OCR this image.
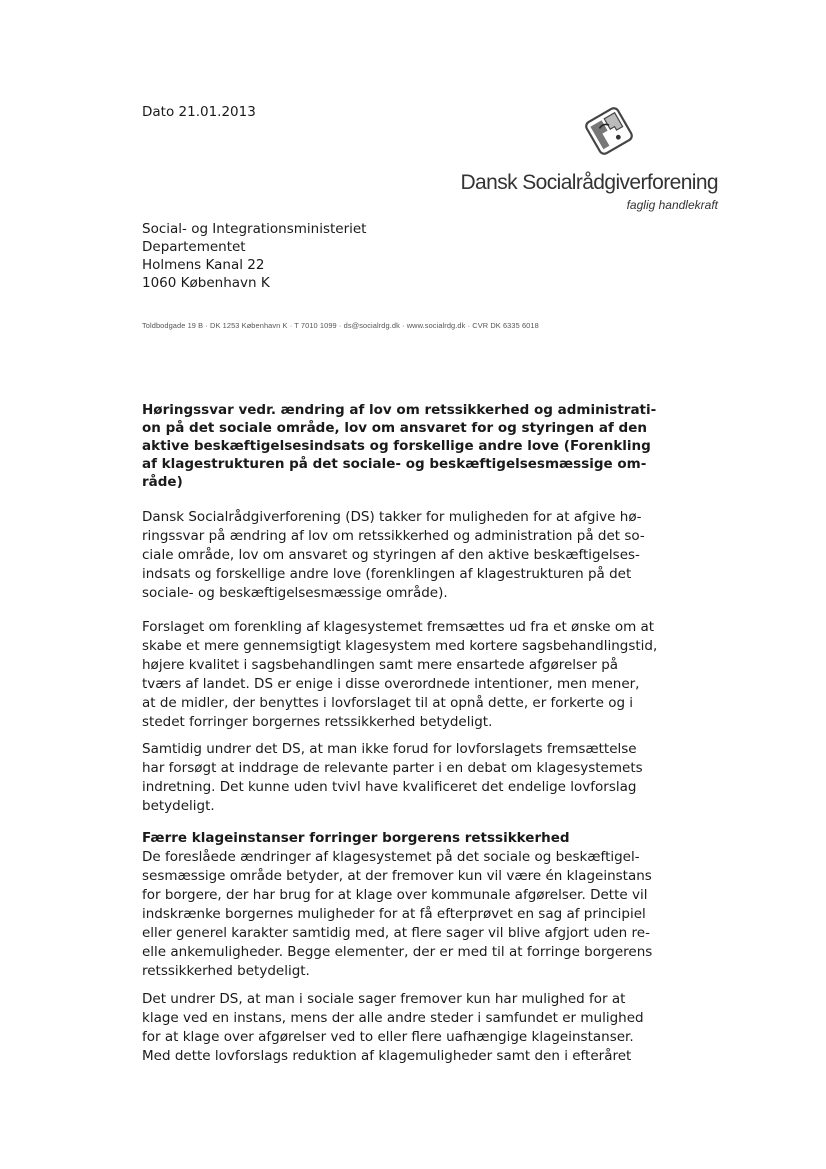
Dato 21.01.2013
Dansk Socialrådgiverforening
faglig handlekraft
Social- og Integrationsministeriet
Departementet
Holmens Kanal 22
1060 København K
Toldbodgade 19 B · DK 1253 København K · T 7010 1099 · ds@socialrdg.dk · www.socialrdg.dk · CVR DK 6335 6018
Høringssvar vedr. ændring af lov om retssikkerhed og administrati-
on på det sociale område, lov om ansvaret for og styringen af den
aktive beskæftigelsesindsats og forskellige andre love (Forenkling
af klagestrukturen på det sociale- og beskæftigelsesmæssige om-
råde)
Dansk Socialrådgiverforening (DS) takker for muligheden for at afgive hø-
ringssvar på ændring af lov om retssikkerhed og administration på det so-
ciale område, lov om ansvaret og styringen af den aktive beskæftigelses-
indsats og forskellige andre love (forenklingen af klagestrukturen på det
sociale- og beskæftigelsesmæssige område).
Forslaget om forenkling af klagesystemet fremsættes ud fra et ønske om at
skabe et mere gennemsigtigt klagesystem med kortere sagsbehandlingstid,
højere kvalitet i sagsbehandlingen samt mere ensartede afgørelser på
tværs af landet. DS er enige i disse overordnede intentioner, men mener,
at de midler, der benyttes i lovforslaget til at opnå dette, er forkerte og i
stedet forringer borgernes retssikkerhed betydeligt.
Samtidig undrer det DS, at man ikke forud for lovforslagets fremsættelse
har forsøgt at inddrage de relevante parter i en debat om klagesystemets
indretning. Det kunne uden tvivl have kvalificeret det endelige lovforslag
betydeligt.
Færre klageinstanser forringer borgerens retssikkerhed
De foreslåede ændringer af klagesystemet på det sociale og beskæftigel-
sesmæssige område betyder, at der fremover kun vil være én klageinstans
for borgere, der har brug for at klage over kommunale afgørelser. Dette vil
indskrænke borgernes muligheder for at få efterprøvet en sag af principiel
eller generel karakter samtidig med, at flere sager vil blive afgjort uden re-
elle ankemuligheder. Begge elementer, der er med til at forringe borgerens
retssikkerhed betydeligt.
Det undrer DS, at man i sociale sager fremover kun har mulighed for at
klage ved en instans, mens der alle andre steder i samfundet er mulighed
for at klage over afgørelser ved to eller flere uafhængige klageinstanser.
Med dette lovforslags reduktion af klagemuligheder samt den i efteråret
